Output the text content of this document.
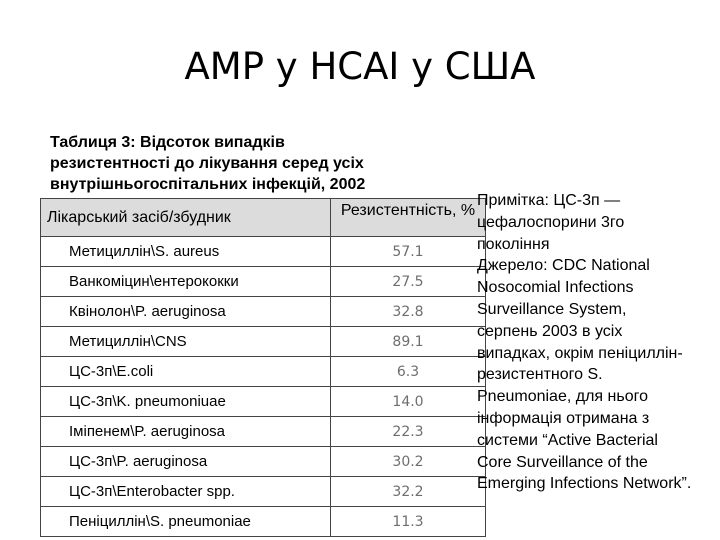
AMP у HCAI у США
Таблиця 3: Відсоток випадків
резистентності до лікування серед усіх
внутрішньогоспітальних інфекцій, 2002
Лікарський засіб/збудник	Резистентність, %
Метициллін\S. aureus	57.1
Ванкоміцин\ентерококки	27.5
Квінолон\P. aeruginosa	32.8
Метициллін\CNS	89.1
ЦС-3п\E.coli	6.3
ЦС-3п\K. pneumoniuae	14.0
Іміпенем\P. aeruginosa	22.3
ЦС-3п\P. aeruginosa	30.2
ЦС-3п\Enterobacter spp.	32.2
Пеніциллін\S. pneumoniae	11.3
Примітка: ЦС-3п —
цефалоспорини 3го
покоління
Джерело: CDC National
Nosocomial Infections
Surveillance System,
серпень 2003 в усіх
випадках, окрім пеніциллін-
резистентного S.
Pneumoniae, для нього
інформація отримана з
системи “Active Bacterial
Core Surveillance of the
Emerging Infections Network”.
